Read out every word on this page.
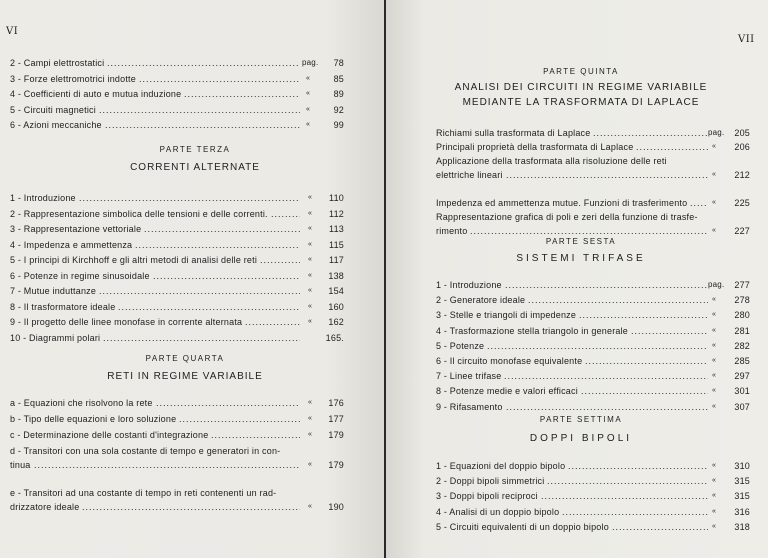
VI
PARTE TERZA
CORRENTI ALTERNATE
PARTE QUARTA
RETI IN REGIME VARIABILE
2 - Campi elettrostatici .....	pag.	78
3 - Forze elettromotrici indotte .....	«	85
4 - Coefficienti di auto e mutua induzione .....	«	89
5 - Circuiti magnetici .....	«	92
6 - Azioni meccaniche .....	«	99
1 - Introduzione .....	«	110
2 - Rappresentazione simbolica delle tensioni e delle correnti. .....	«	112
3 - Rappresentazione vettoriale .....	«	113
4 - Impedenza e ammettenza .....	«	115
5 - I principi di Kirchhoff e gli altri metodi di analisi delle reti .....	«	117
6 - Potenze in regime sinusoidale .....	«	138
7 - Mutue induttanze .....	«	154
8 - Il trasformatore ideale .....	«	160
9 - Il progetto delle linee monofase in corrente alternata .....	«	162
10 - Diagrammi polari .....	165.
a - Equazioni che risolvono la rete .....	«	176
b - Tipo delle equazioni e loro soluzione .....	«	177
c - Determinazione delle costanti d'integrazione .....	«	179
d - Transitori con una sola costante di tempo e generatori in con-
tinua .....	«	179
e - Transitori ad una costante di tempo in reti contenenti un rad-
drizzatore ideale .....	«	190
VII
PARTE QUINTA
ANALISI DEI CIRCUITI IN REGIME VARIABILE
MEDIANTE LA TRASFORMATA DI LAPLACE
PARTE SESTA
SISTEMI TRIFASE
PARTE SETTIMA
DOPPI BIPOLI
Richiami sulla trasformata di Laplace .....	pag.	205
Principali proprietà della trasformata di Laplace .....	«	206
Applicazione della trasformata alla risoluzione delle reti
elettriche lineari .....	«	212
Impedenza ed ammettenza mutue. Funzioni di trasferimento .....	«	225
Rappresentazione grafica di poli e zeri della funzione di trasfe-
rimento .....	«	227
1 - Introduzione .....	pag.	277
2 - Generatore ideale .....	«	278
3 - Stelle e triangoli di impedenze .....	«	280
4 - Trasformazione stella triangolo in generale .....	«	281
5 - Potenze .....	«	282
6 - Il circuito monofase equivalente .....	«	285
7 - Linee trifase .....	«	297
8 - Potenze medie e valori efficaci .....	«	301
9 - Rifasamento .....	«	307
1 - Equazioni del doppio bipolo .....	«	310
2 - Doppi bipoli simmetrici .....	«	315
3 - Doppi bipoli reciproci .....	«	315
4 - Analisi di un doppio bipolo .....	«	316
5 - Circuiti equivalenti di un doppio bipolo .....	«	318
